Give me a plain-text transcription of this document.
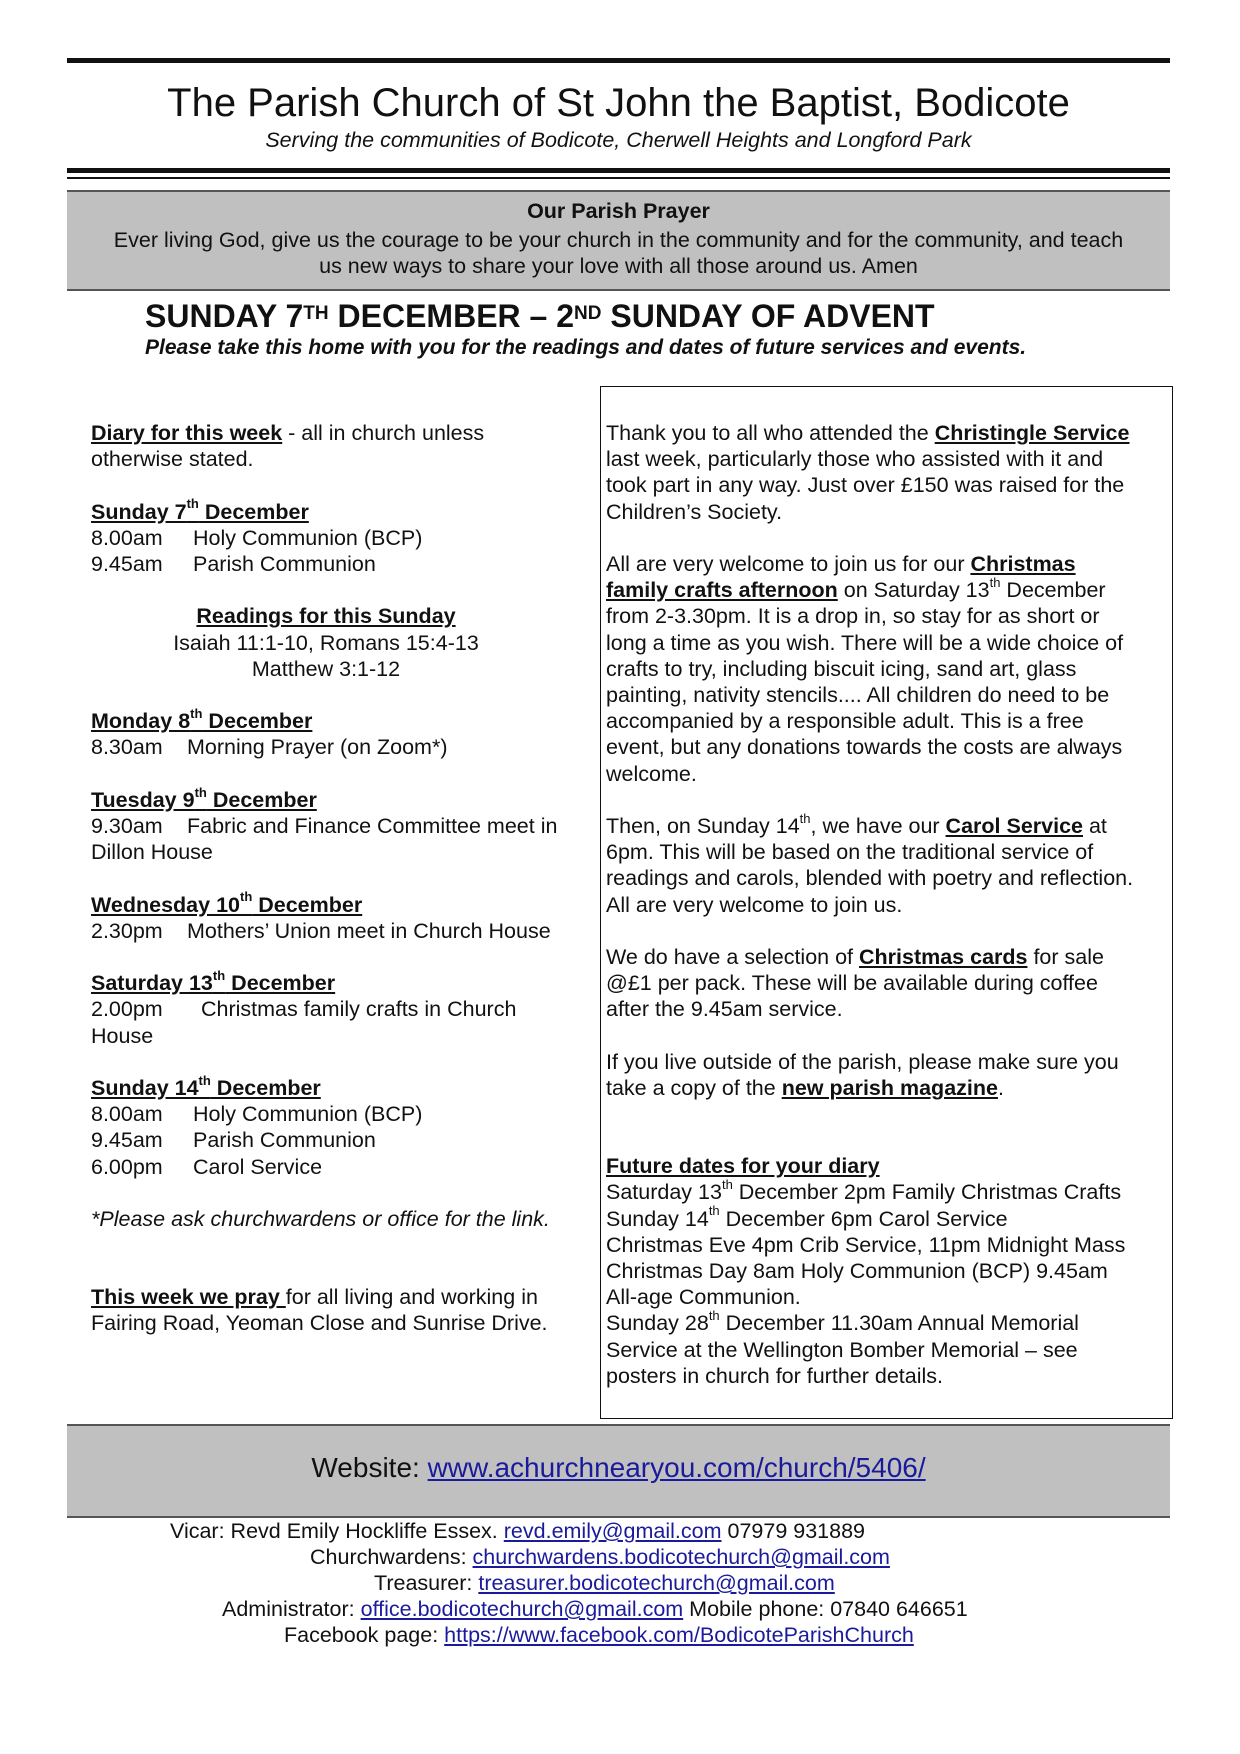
The Parish Church of St John the Baptist, Bodicote
Serving the communities of Bodicote, Cherwell Heights and Longford Park
Our Parish Prayer
Ever living God, give us the courage to be your church in the community and for the community, and teach
us new ways to share your love with all those around us. Amen
SUNDAY 7TH DECEMBER – 2ND SUNDAY OF ADVENT
Please take this home with you for the readings and dates of future services and events.
Diary for this week - all in church unless
otherwise stated.
Sunday 7th December
8.00am Holy Communion (BCP)
9.45am Parish Communion
Readings for this Sunday
Isaiah 11:1-10, Romans 15:4-13
Matthew 3:1-12
Monday 8th December
8.30am Morning Prayer (on Zoom*)
Tuesday 9th December
9.30am Fabric and Finance Committee meet in
Dillon House
Wednesday 10th December
2.30pm Mothers’ Union meet in Church House
Saturday 13th December
2.00pm Christmas family crafts in Church
House
Sunday 14th December
8.00am Holy Communion (BCP)
9.45am Parish Communion
6.00pm Carol Service
*Please ask churchwardens or office for the link.
This week we pray for all living and working in
Fairing Road, Yeoman Close and Sunrise Drive.
Thank you to all who attended the Christingle Service
last week, particularly those who assisted with it and
took part in any way. Just over £150 was raised for the
Children’s Society.
All are very welcome to join us for our Christmas
family crafts afternoon on Saturday 13th December
from 2-3.30pm. It is a drop in, so stay for as short or
long a time as you wish. There will be a wide choice of
crafts to try, including biscuit icing, sand art, glass
painting, nativity stencils.... All children do need to be
accompanied by a responsible adult. This is a free
event, but any donations towards the costs are always
welcome.
Then, on Sunday 14th, we have our Carol Service at
6pm. This will be based on the traditional service of
readings and carols, blended with poetry and reflection.
All are very welcome to join us.
We do have a selection of Christmas cards for sale
@£1 per pack. These will be available during coffee
after the 9.45am service.
If you live outside of the parish, please make sure you
take a copy of the new parish magazine.
Future dates for your diary
Saturday 13th December 2pm Family Christmas Crafts
Sunday 14th December 6pm Carol Service
Christmas Eve 4pm Crib Service, 11pm Midnight Mass
Christmas Day 8am Holy Communion (BCP) 9.45am
All-age Communion.
Sunday 28th December 11.30am Annual Memorial
Service at the Wellington Bomber Memorial – see
posters in church for further details.
Website: www.achurchnearyou.com/church/5406/
Vicar: Revd Emily Hockliffe Essex. revd.emily@gmail.com 07979 931889
Churchwardens: churchwardens.bodicotechurch@gmail.com
Treasurer: treasurer.bodicotechurch@gmail.com
Administrator: office.bodicotechurch@gmail.com Mobile phone: 07840 646651
Facebook page: https://www.facebook.com/BodicoteParishChurch
